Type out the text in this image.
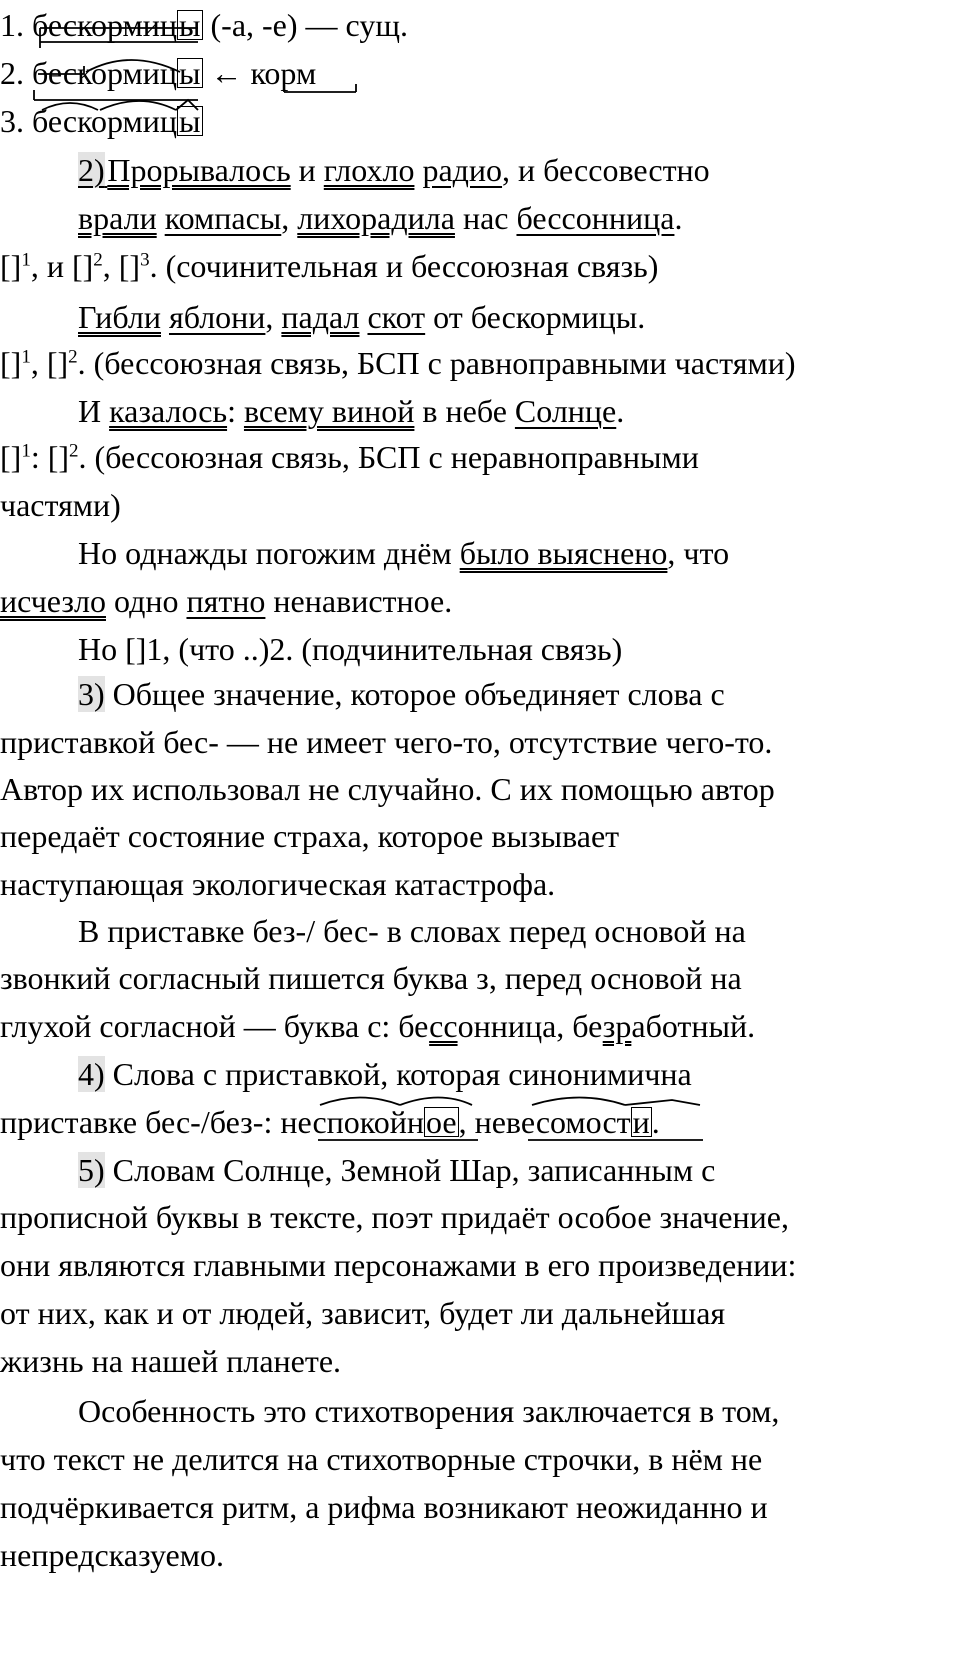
1. бескормицы (-а, -е) — сущ.
2. бескормицы ← корм
3. бескормицы
2) Прорывалось и глохло радио, и бессовестно
врали компасы, лихорадила нас бессонница.
[]$^1$, и []$^2$, []$^3$. (сочинительная и бессоюзная связь)
Гибли яблони, падал скот от бескормицы.
[]$^1$, []$^2$. (бессоюзная связь, БСП с равноправными частями)
И казалось: всему виной в небе Солнце.
[]$^1$: []$^2$. (бессоюзная связь, БСП с неравноправными
частями)
Но однажды погожим днём было выяснено, что
исчезло одно пятно ненавистное.
Но []1, (что ..)2. (подчинительная связь)
3) Общее значение, которое объединяет слова с
приставкой бес- — не имеет чего-то, отсутствие чего-то.
Автор их использовал не случайно. С их помощью автор
передаёт состояние страха, которое вызывает
наступающая экологическая катастрофа.
В приставке без-/ бес- в словах перед основой на
звонкий согласный пишется буква з, перед основой на
глухой согласной — буква с: бессонница, безработный.
4) Слова с приставкой, которая синонимична
приставке бес-/без-: неспокойное, невесомости.
5) Словам Солнце, Земной Шар, записанным с
прописной буквы в тексте, поэт придаёт особое значение,
они являются главными персонажами в его произведении:
от них, как и от людей, зависит, будет ли дальнейшая
жизнь на нашей планете.
Особенность это стихотворения заключается в том,
что текст не делится на стихотворные строчки, в нём не
подчёркивается ритм, а рифма возникают неожиданно и
непредсказуемо.
